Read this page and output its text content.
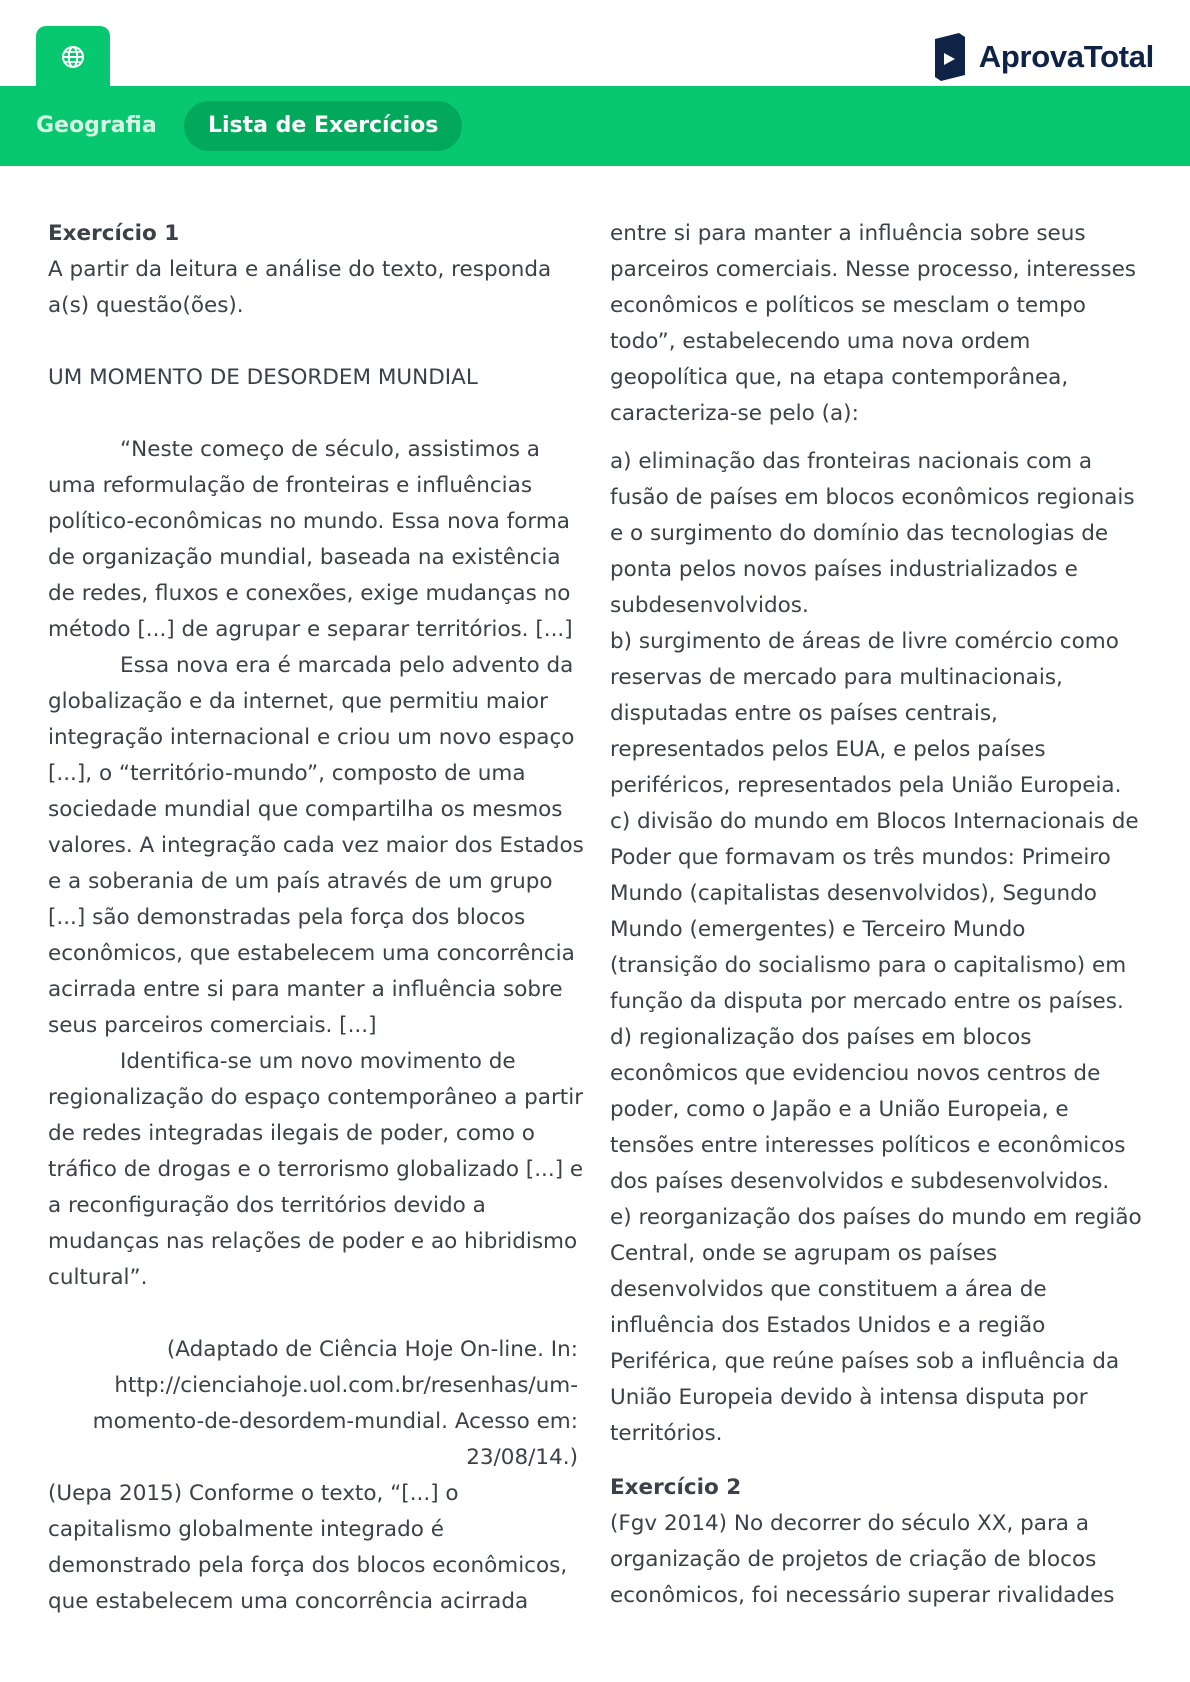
AprovaTotal
Geografia	Lista de Exercícios
Exercício 1
A partir da leitura e análise do texto, responda
a(s) questão(ões).
UM MOMENTO DE DESORDEM MUNDIAL
“Neste começo de século, assistimos a
uma reformulação de fronteiras e influências
político-econômicas no mundo. Essa nova forma
de organização mundial, baseada na existência
de redes, fluxos e conexões, exige mudanças no
método [...] de agrupar e separar territórios. [...]
Essa nova era é marcada pelo advento da
globalização e da internet, que permitiu maior
integração internacional e criou um novo espaço
[...], o “território-mundo”, composto de uma
sociedade mundial que compartilha os mesmos
valores. A integração cada vez maior dos Estados
e a soberania de um país através de um grupo
[...] são demonstradas pela força dos blocos
econômicos, que estabelecem uma concorrência
acirrada entre si para manter a influência sobre
seus parceiros comerciais. [...]
Identifica-se um novo movimento de
regionalização do espaço contemporâneo a partir
de redes integradas ilegais de poder, como o
tráfico de drogas e o terrorismo globalizado [...] e
a reconfiguração dos territórios devido a
mudanças nas relações de poder e ao hibridismo
cultural”.
(Adaptado de Ciência Hoje On-line. In:
http://cienciahoje.uol.com.br/resenhas/um-
momento-de-desordem-mundial. Acesso em:
23/08/14.)
(Uepa 2015) Conforme o texto, “[...] o
capitalismo globalmente integrado é
demonstrado pela força dos blocos econômicos,
que estabelecem uma concorrência acirrada
entre si para manter a influência sobre seus
parceiros comerciais. Nesse processo, interesses
econômicos e políticos se mesclam o tempo
todo”, estabelecendo uma nova ordem
geopolítica que, na etapa contemporânea,
caracteriza-se pelo (a):
a) eliminação das fronteiras nacionais com a
fusão de países em blocos econômicos regionais
e o surgimento do domínio das tecnologias de
ponta pelos novos países industrializados e
subdesenvolvidos.
b) surgimento de áreas de livre comércio como
reservas de mercado para multinacionais,
disputadas entre os países centrais,
representados pelos EUA, e pelos países
periféricos, representados pela União Europeia.
c) divisão do mundo em Blocos Internacionais de
Poder que formavam os três mundos: Primeiro
Mundo (capitalistas desenvolvidos), Segundo
Mundo (emergentes) e Terceiro Mundo
(transição do socialismo para o capitalismo) em
função da disputa por mercado entre os países.
d) regionalização dos países em blocos
econômicos que evidenciou novos centros de
poder, como o Japão e a União Europeia, e
tensões entre interesses políticos e econômicos
dos países desenvolvidos e subdesenvolvidos.
e) reorganização dos países do mundo em região
Central, onde se agrupam os países
desenvolvidos que constituem a área de
influência dos Estados Unidos e a região
Periférica, que reúne países sob a influência da
União Europeia devido à intensa disputa por
territórios.
Exercício 2
(Fgv 2014) No decorrer do século XX, para a
organização de projetos de criação de blocos
econômicos, foi necessário superar rivalidades
